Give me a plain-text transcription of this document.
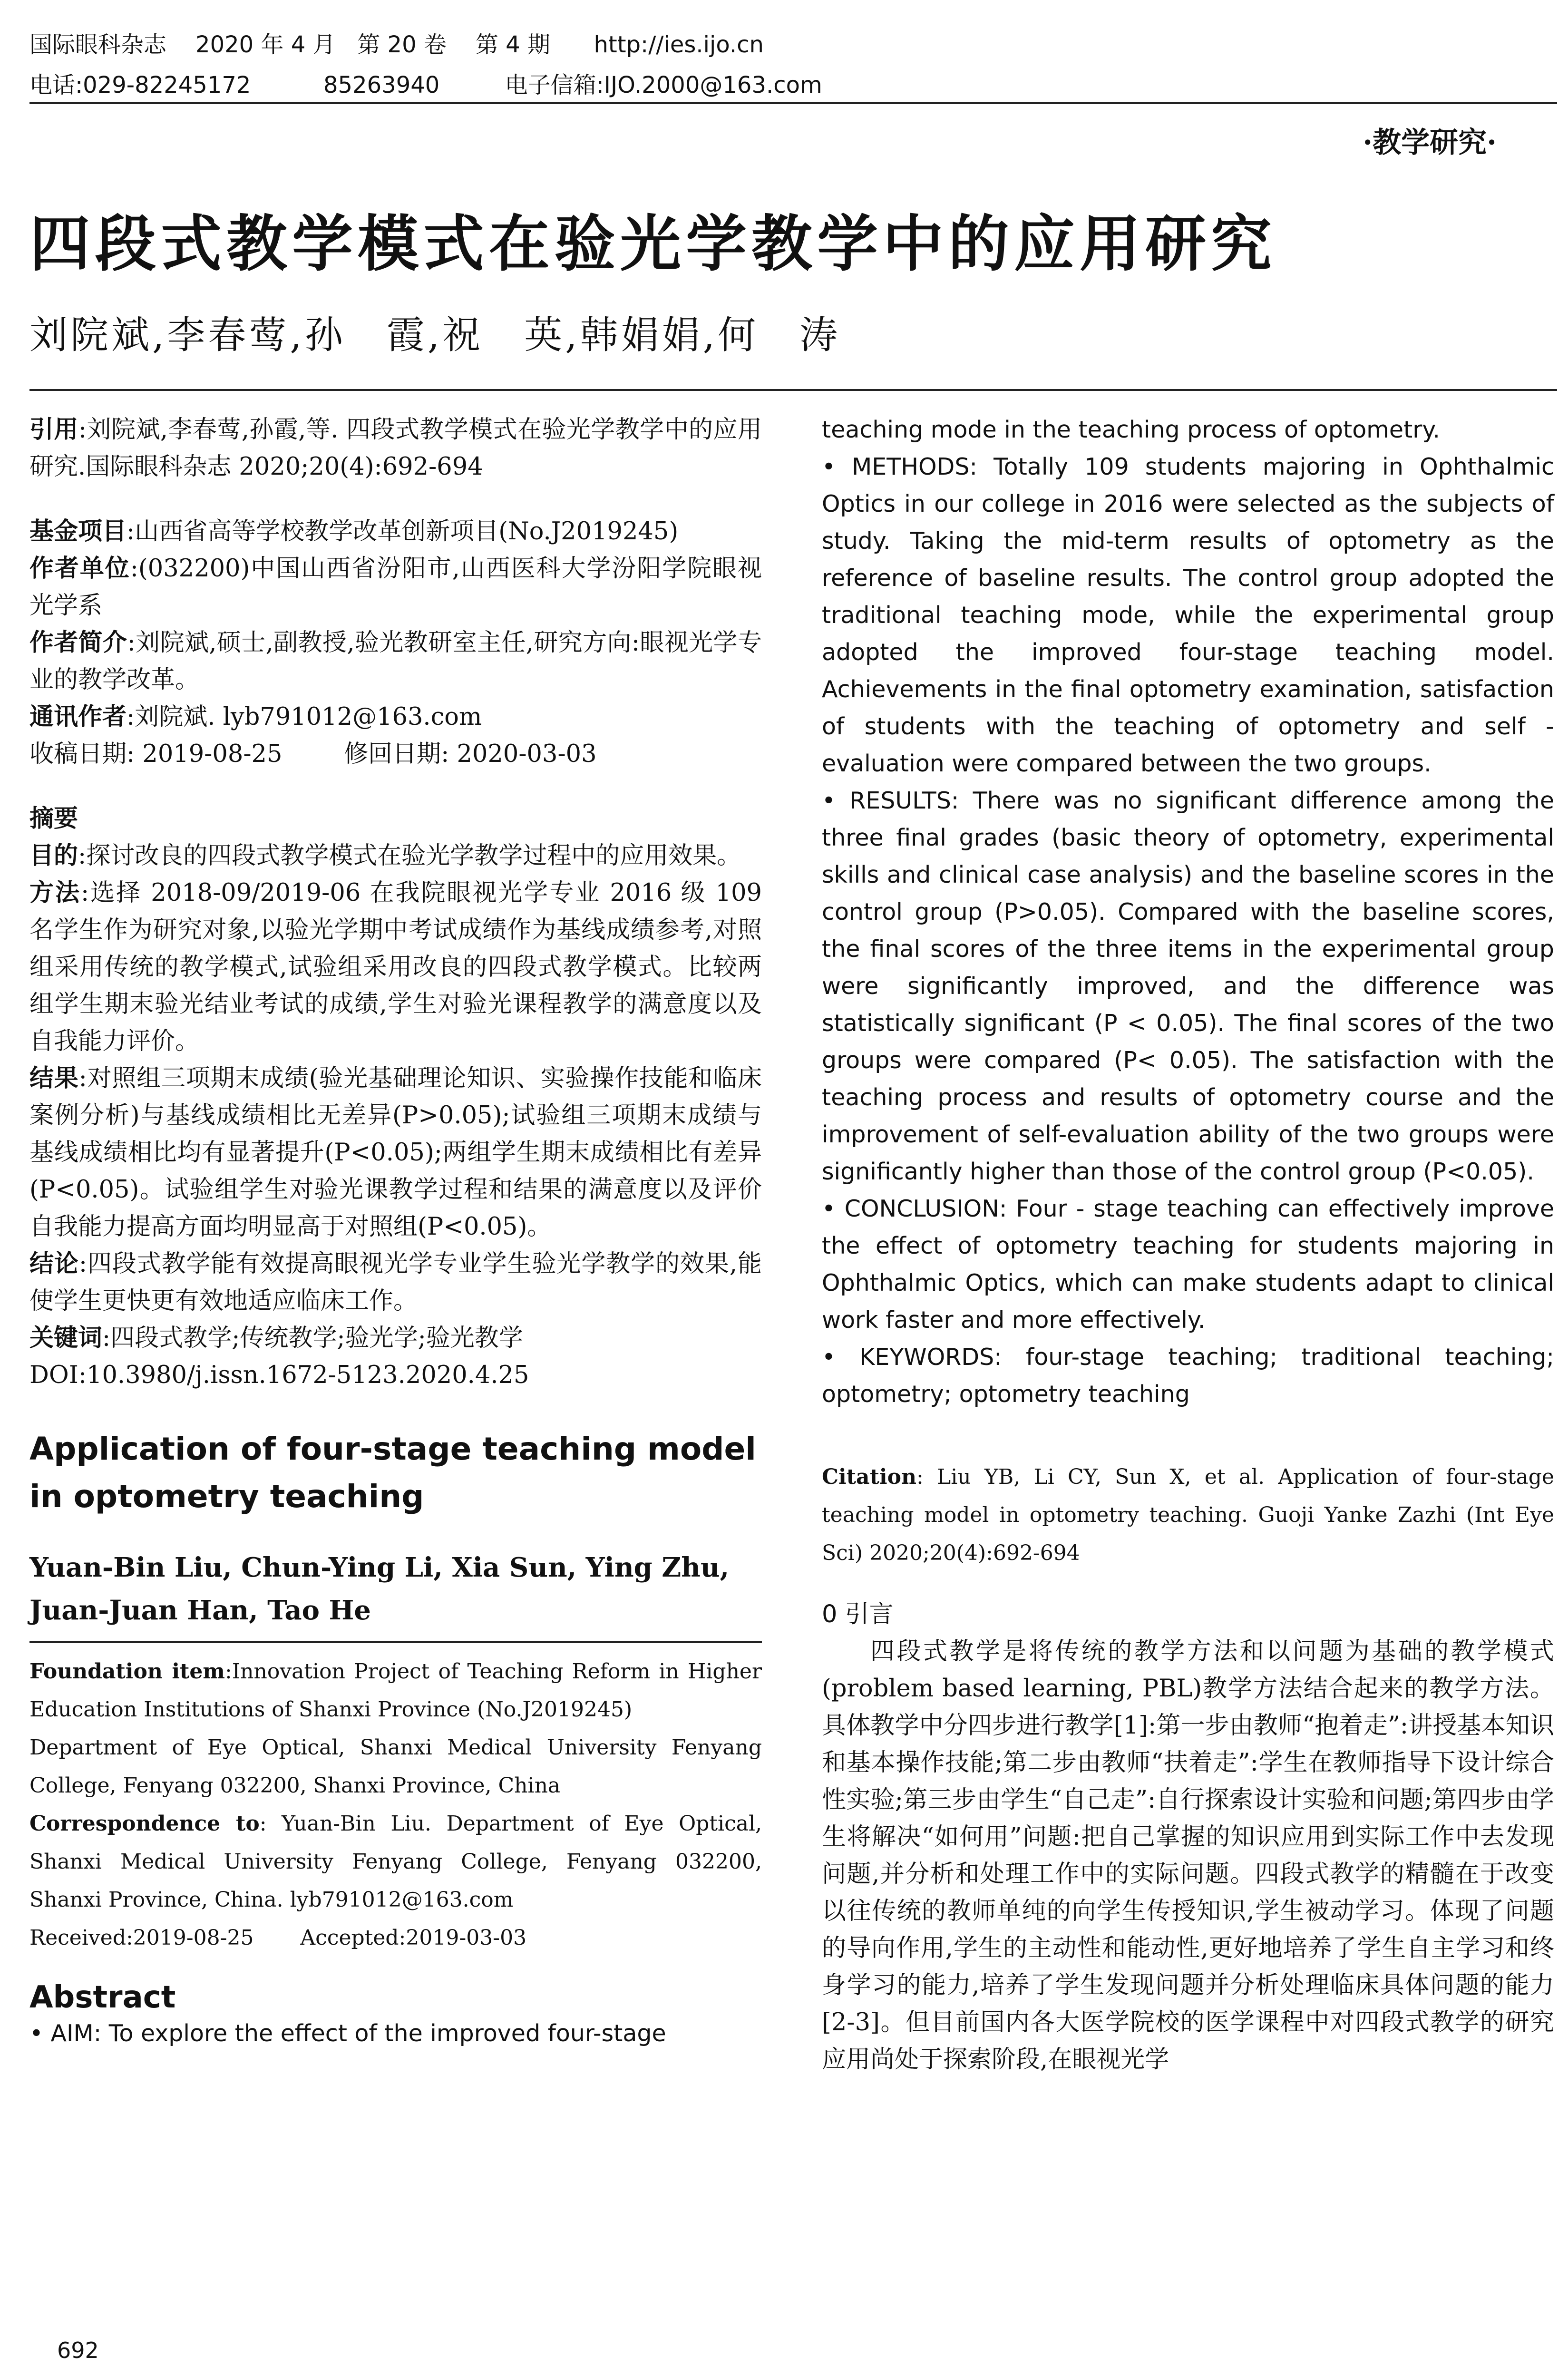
国际眼科杂志    2020 年 4 月   第 20 卷    第 4 期      http://ies.ijo.cn
电话:029-82245172          85263940         电子信箱:IJO.2000@163.com
·教学研究·
四段式教学模式在验光学教学中的应用研究
刘院斌,李春莺,孙　霞,祝　英,韩娟娟,何　涛

引用:刘院斌,李春莺,孙霞,等. 四段式教学模式在验光学教学中的应用研究.国际眼科杂志 2020;20(4):692-694

基金项目:山西省高等学校教学改革创新项目(No.J2019245)

作者单位:(032200)中国山西省汾阳市,山西医科大学汾阳学院眼视光学系

作者简介:刘院斌,硕士,副教授,验光教研室主任,研究方向:眼视光学专业的教学改革。

通讯作者:刘院斌. lyb791012@163.com

收稿日期: 2019-08-25        修回日期: 2020-03-03

摘要

目的:探讨改良的四段式教学模式在验光学教学过程中的应用效果。

方法:选择 2018-09/2019-06 在我院眼视光学专业 2016 级 109 名学生作为研究对象,以验光学期中考试成绩作为基线成绩参考,对照组采用传统的教学模式,试验组采用改良的四段式教学模式。比较两组学生期末验光结业考试的成绩,学生对验光课程教学的满意度以及自我能力评价。

结果:对照组三项期末成绩(验光基础理论知识、实验操作技能和临床案例分析)与基线成绩相比无差异(P>0.05);试验组三项期末成绩与基线成绩相比均有显著提升(P<0.05);两组学生期末成绩相比有差异(P<0.05)。试验组学生对验光课教学过程和结果的满意度以及评价自我能力提高方面均明显高于对照组(P<0.05)。

结论:四段式教学能有效提高眼视光学专业学生验光学教学的效果,能使学生更快更有效地适应临床工作。

关键词:四段式教学;传统教学;验光学;验光教学

DOI:10.3980/j.issn.1672-5123.2020.4.25

Application of four-stage teaching model in optometry teaching

Yuan-Bin Liu, Chun-Ying Li, Xia Sun, Ying Zhu, Juan-Juan Han, Tao He

Foundation item:Innovation Project of Teaching Reform in Higher Education Institutions of Shanxi Province (No.J2019245)

Department of Eye Optical, Shanxi Medical University Fenyang College, Fenyang 032200, Shanxi Province, China

Correspondence to: Yuan-Bin Liu. Department of Eye Optical, Shanxi Medical University Fenyang College, Fenyang 032200, Shanxi Province, China. lyb791012@163.com

Received:2019-08-25       Accepted:2019-03-03

Abstract

• AIM: To explore the effect of the improved four-stage

teaching mode in the teaching process of optometry.

• METHODS: Totally 109 students majoring in Ophthalmic Optics in our college in 2016 were selected as the subjects of study. Taking the mid-term results of optometry as the reference of baseline results. The control group adopted the traditional teaching mode, while the experimental group adopted the improved four-stage teaching model. Achievements in the final optometry examination, satisfaction of students with the teaching of optometry and self - evaluation were compared between the two groups.

• RESULTS: There was no significant difference among the three final grades (basic theory of optometry, experimental skills and clinical case analysis) and the baseline scores in the control group (P>0.05). Compared with the baseline scores, the final scores of the three items in the experimental group were significantly improved, and the difference was statistically significant (P < 0.05). The final scores of the two groups were compared (P< 0.05). The satisfaction with the teaching process and results of optometry course and the improvement of self-evaluation ability of the two groups were significantly higher than those of the control group (P<0.05).

• CONCLUSION: Four - stage teaching can effectively improve the effect of optometry teaching for students majoring in Ophthalmic Optics, which can make students adapt to clinical work faster and more effectively.

• KEYWORDS: four-stage teaching; traditional teaching; optometry; optometry teaching

Citation: Liu YB, Li CY, Sun X, et al. Application of four-stage teaching model in optometry teaching. Guoji Yanke Zazhi (Int Eye Sci) 2020;20(4):692-694

0 引言

四段式教学是将传统的教学方法和以问题为基础的教学模式(problem based learning, PBL)教学方法结合起来的教学方法。具体教学中分四步进行教学[1]:第一步由教师“抱着走”:讲授基本知识和基本操作技能;第二步由教师“扶着走”:学生在教师指导下设计综合性实验;第三步由学生“自己走”:自行探索设计实验和问题;第四步由学生将解决“如何用”问题:把自己掌握的知识应用到实际工作中去发现问题,并分析和处理工作中的实际问题。四段式教学的精髓在于改变以往传统的教师单纯的向学生传授知识,学生被动学习。体现了问题的导向作用,学生的主动性和能动性,更好地培养了学生自主学习和终身学习的能力,培养了学生发现问题并分析处理临床具体问题的能力[2-3]。但目前国内各大医学院校的医学课程中对四段式教学的研究应用尚处于探索阶段,在眼视光学

692
